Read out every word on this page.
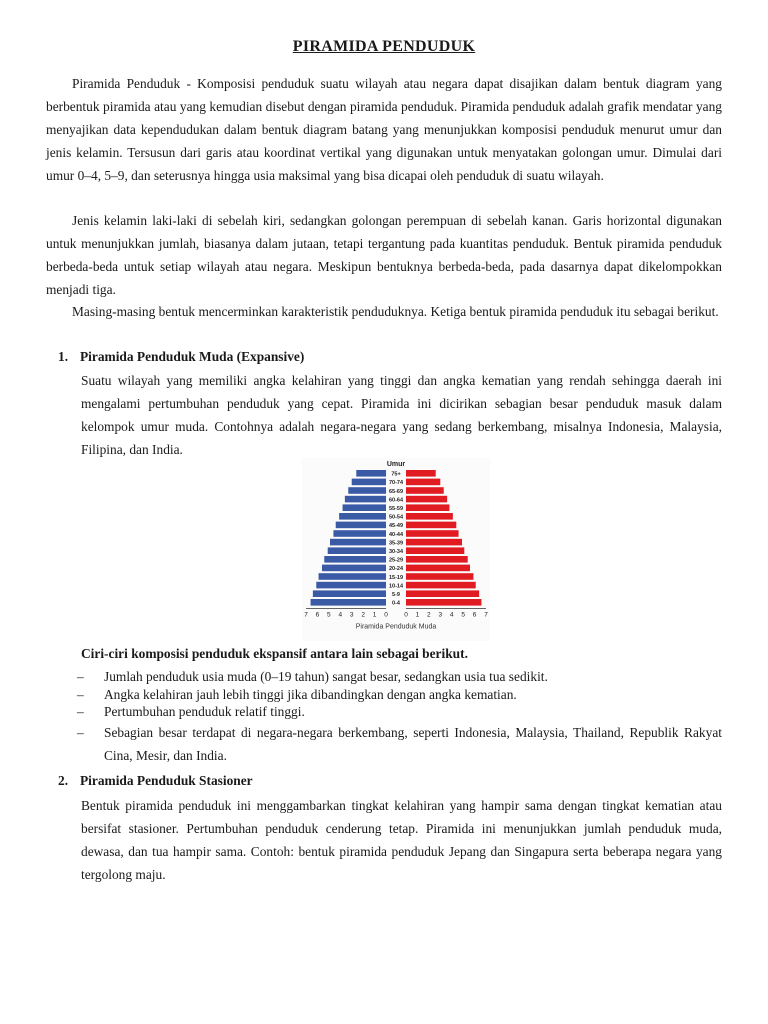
PIRAMIDA PENDUDUK

Piramida Penduduk - Komposisi penduduk suatu wilayah atau negara dapat disajikan dalam bentuk diagram yang berbentuk piramida atau yang kemudian disebut dengan piramida penduduk. Piramida penduduk adalah grafik mendatar yang menyajikan data kependudukan dalam bentuk diagram batang yang menunjukkan komposisi penduduk menurut umur dan jenis kelamin. Tersusun dari garis atau koordinat vertikal yang digunakan untuk menyatakan golongan umur. Dimulai dari umur 0–4, 5–9, dan seterusnya hingga usia maksimal yang bisa dicapai oleh penduduk di suatu wilayah.

Jenis kelamin laki-laki di sebelah kiri, sedangkan golongan perempuan di sebelah kanan. Garis horizontal digunakan untuk menunjukkan jumlah, biasanya dalam jutaan, tetapi tergantung pada kuantitas penduduk. Bentuk piramida penduduk berbeda-beda untuk setiap wilayah atau negara. Meskipun bentuknya berbeda-beda, pada dasarnya dapat dikelompokkan menjadi tiga.

Masing-masing bentuk mencerminkan karakteristik penduduknya. Ketiga bentuk piramida penduduk itu sebagai berikut.

1. Piramida Penduduk Muda (Expansive)

Suatu wilayah yang memiliki angka kelahiran yang tinggi dan angka kematian yang rendah sehingga daerah ini mengalami pertumbuhan penduduk yang cepat. Piramida ini dicirikan sebagian besar penduduk masuk dalam kelompok umur muda. Contohnya adalah negara-negara yang sedang berkembang, misalnya Indonesia, Malaysia, Filipina, dan India.

Umur
75+
70-74
65-69
60-64
55-59
50-54
45-49
40-44
35-39
30-34
25-29
20-24
15-19
10-14
5-9
0-4
7 6 5 4 3 2 1 0	0 1 2 3 4 5 6 7
Piramida Penduduk Muda
Ciri-ciri komposisi penduduk ekspansif antara lain sebagai berikut.
– Jumlah penduduk usia muda (0–19 tahun) sangat besar, sedangkan usia tua sedikit.
– Angka kelahiran jauh lebih tinggi jika dibandingkan dengan angka kematian.
– Pertumbuhan penduduk relatif tinggi.
– Sebagian besar terdapat di negara-negara berkembang, seperti Indonesia, Malaysia, Thailand, Republik Rakyat Cina, Mesir, dan India.
2. Piramida Penduduk Stasioner

Bentuk piramida penduduk ini menggambarkan tingkat kelahiran yang hampir sama dengan tingkat kematian atau bersifat stasioner. Pertumbuhan penduduk cenderung tetap. Piramida ini menunjukkan jumlah penduduk muda, dewasa, dan tua hampir sama. Contoh: bentuk piramida penduduk Jepang dan Singapura serta beberapa negara yang tergolong maju.
